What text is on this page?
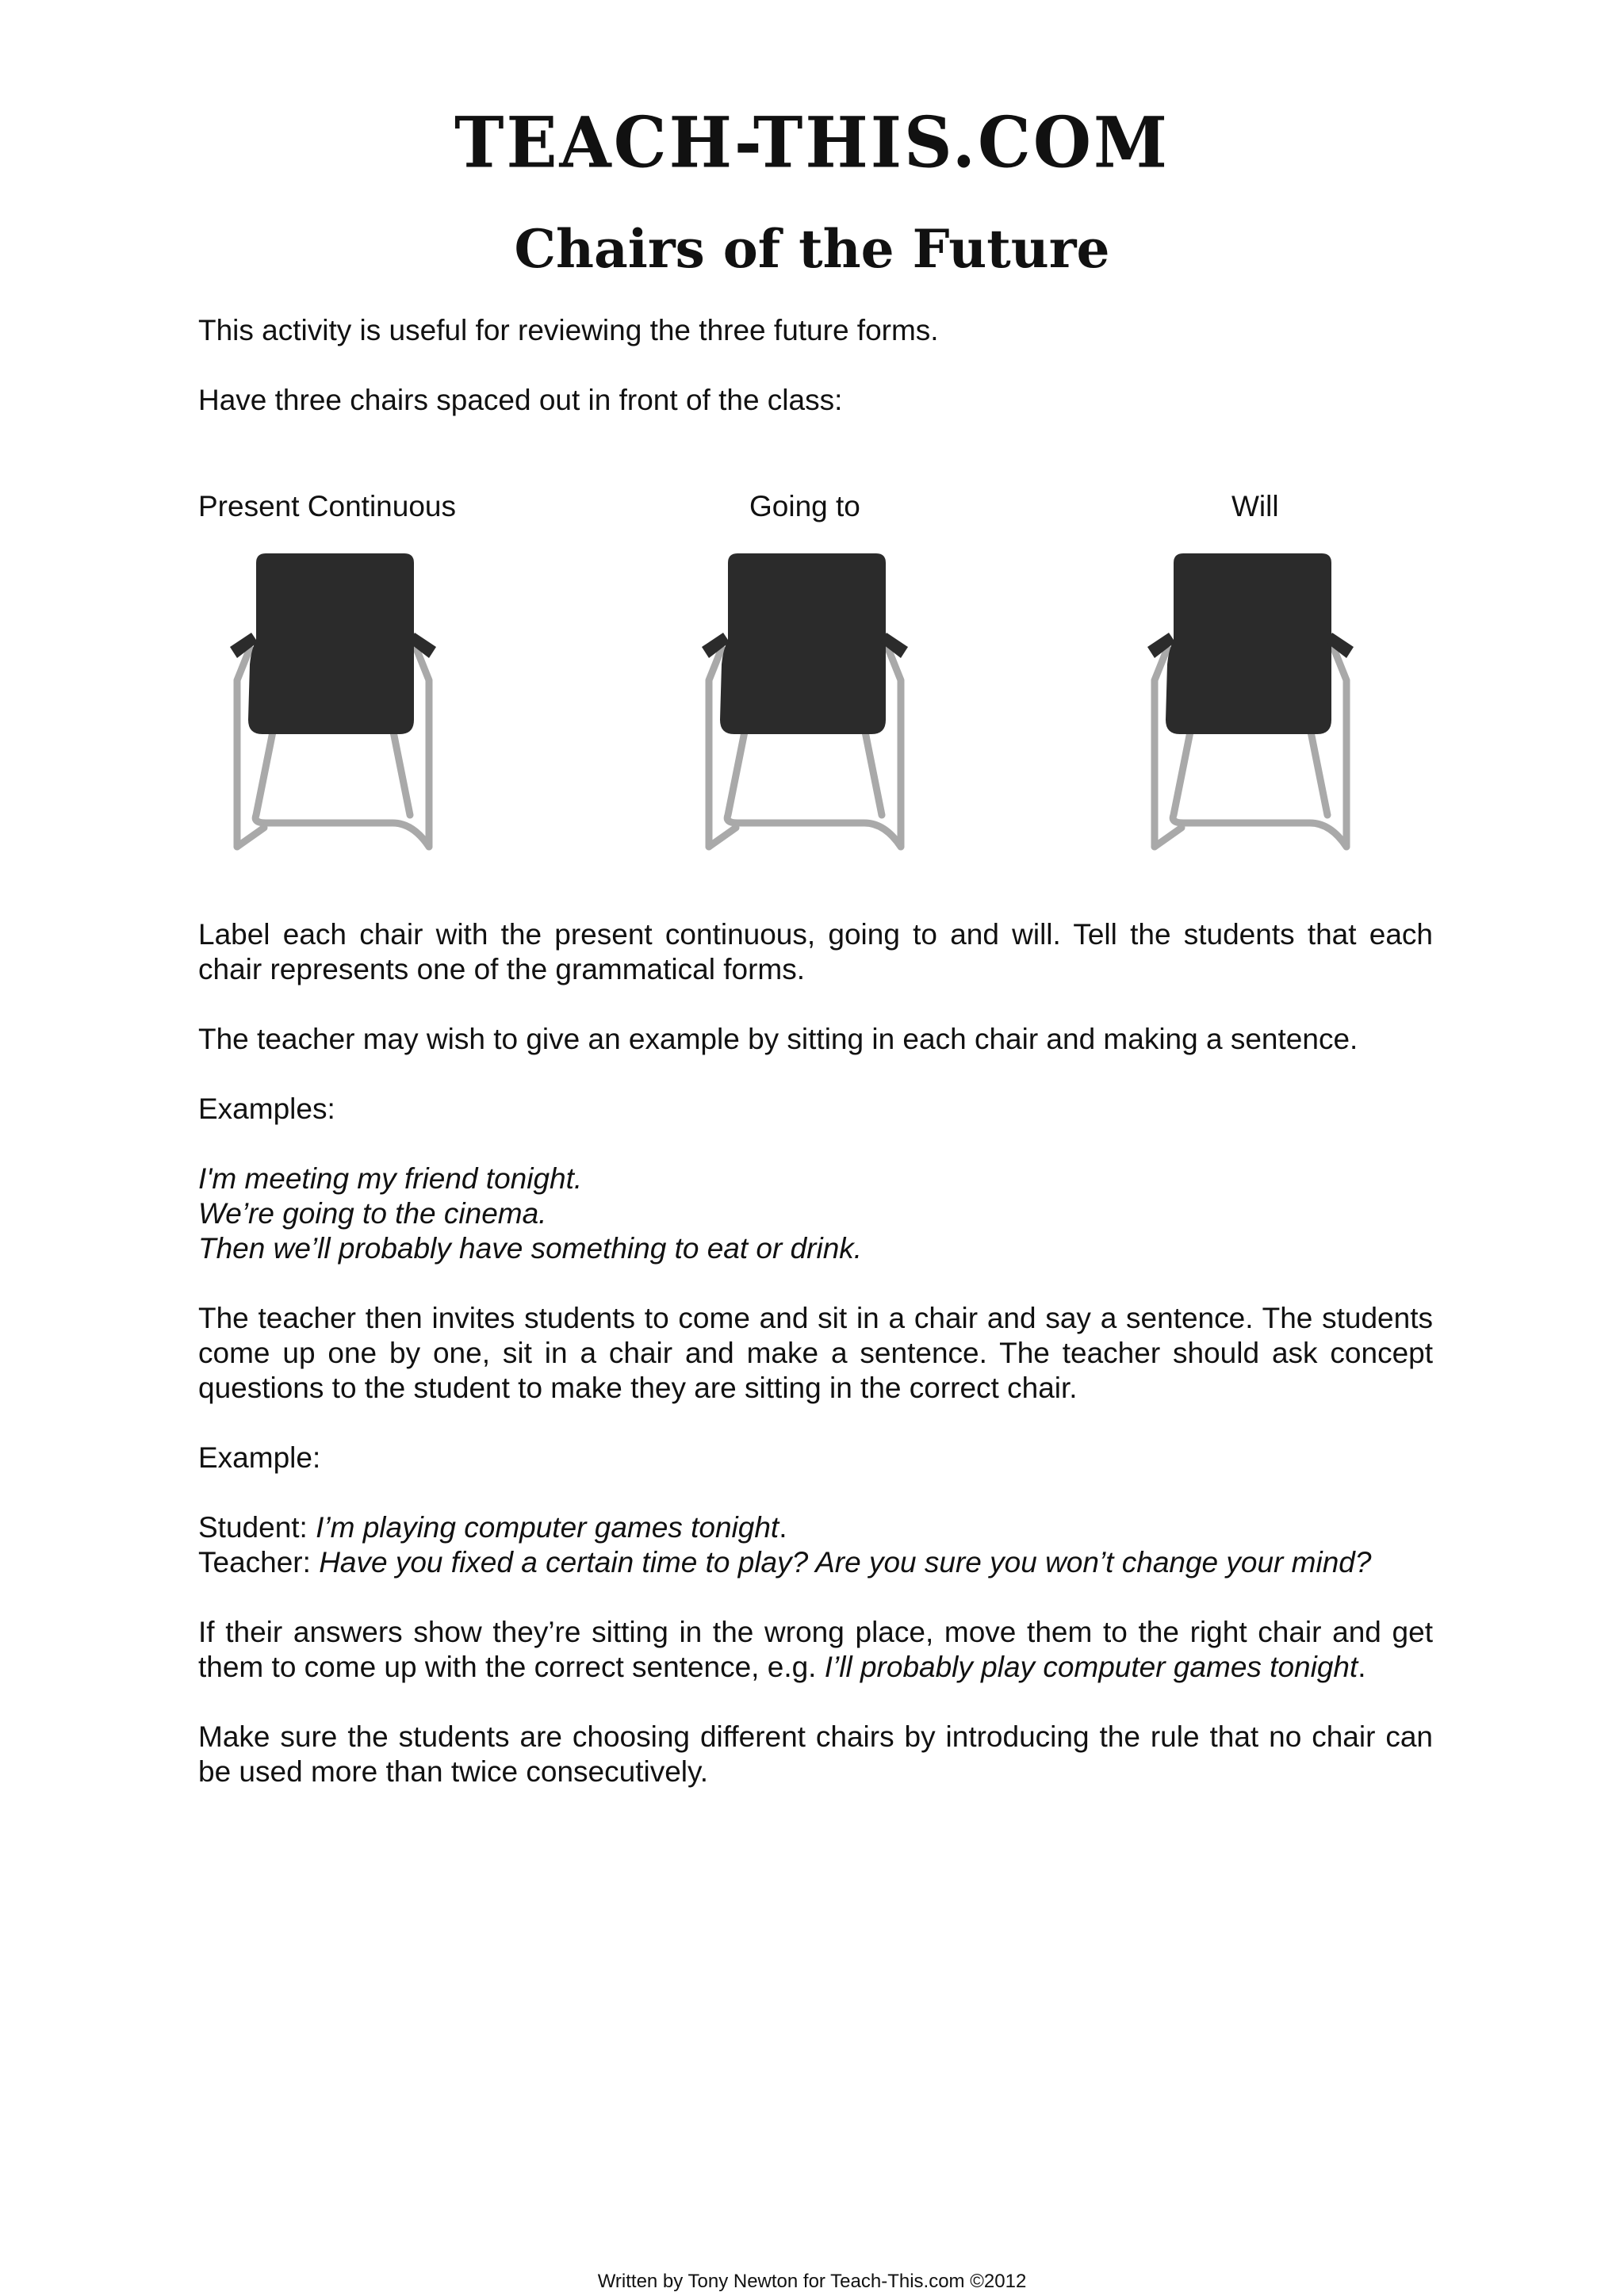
TEACH-THIS.COM
Chairs of the Future

This activity is useful for reviewing the three future forms.

Have three chairs spaced out in front of the class:

Present Continuous	Going to	Will

Label each chair with the present continuous, going to and will. Tell the students that each chair represents one of the grammatical forms.

The teacher may wish to give an example by sitting in each chair and making a sentence.

Examples:

I'm meeting my friend tonight.
We’re going to the cinema.
Then we’ll probably have something to eat or drink.

The teacher then invites students to come and sit in a chair and say a sentence. The students come up one by one, sit in a chair and make a sentence. The teacher should ask concept questions to the student to make they are sitting in the correct chair.

Example:

Student: I’m playing computer games tonight.
Teacher: Have you fixed a certain time to play? Are you sure you won’t change your mind?

If their answers show they’re sitting in the wrong place, move them to the right chair and get them to come up with the correct sentence, e.g. I’ll probably play computer games tonight.

Make sure the students are choosing different chairs by introducing the rule that no chair can be used more than twice consecutively.

Written by Tony Newton for Teach-This.com ©2012
